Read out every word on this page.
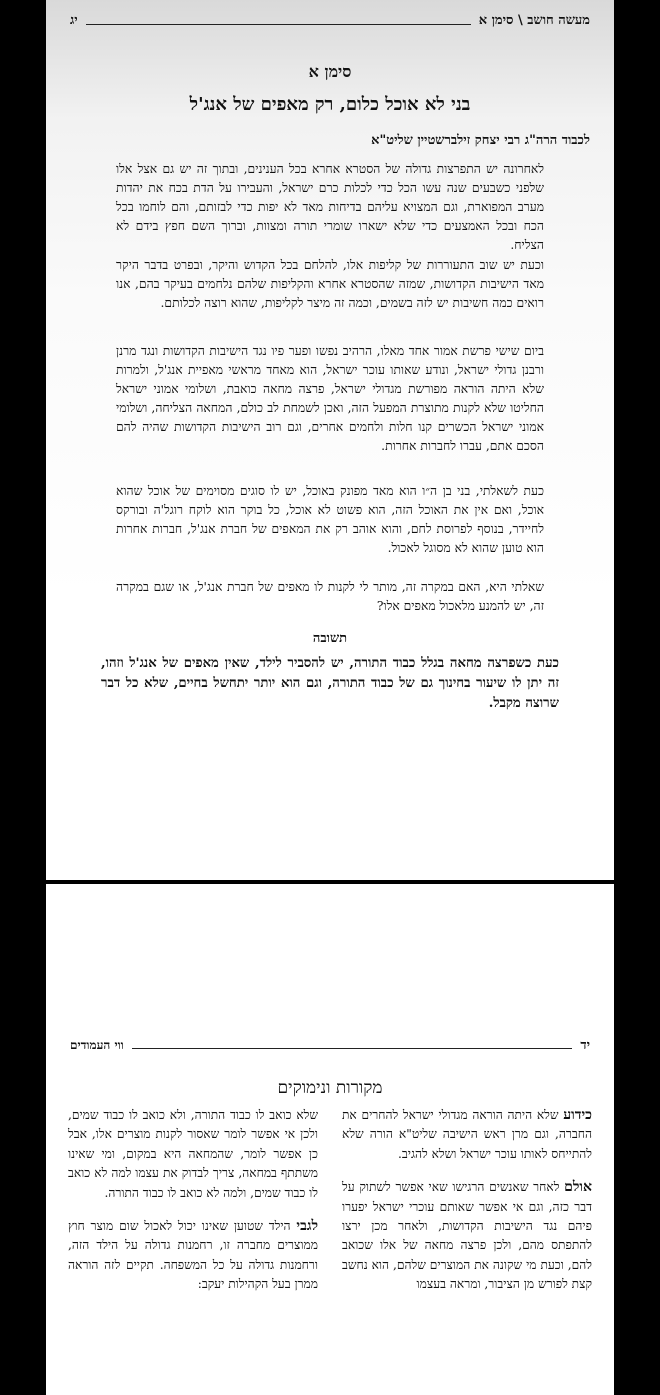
מעשה חושב \ סימן א
יג
סימן א
בני לא אוכל כלום, רק מאפים של אנג'ל
לכבוד הרה"ג רבי יצחק זילברשטיין שליט"א
לאחרונה יש התפרצות גדולה של הסטרא אחרא בכל הענינים, ובתוך זה יש גם אצל אלו שלפני כשבעים שנה עשו הכל כדי לכלות כרם ישראל, והעבירו על הדת בכח את יהדות מערב המפוארת, וגם המצויא עליהם בדיחות מאד לא יפות כדי לבזותם, והם לוחמו בכל הכח ובכל האמצעים כדי שלא ישארו שומרי תורה ומצוות, וברוך השם חפץ בידם לא הצליח.
וכעת יש שוב התעוררות של קליפות אלו, להלחם בכל הקדוש והיקר, ובפרט בדבר היקר מאד הישיבות הקדושות, שמזה שהסטרא אחרא והקליפות שלהם נלחמים בעיקר בהם, אנו רואים כמה חשיבות יש לזה בשמים, וכמה זה מיצר לקליפות, שהוא רוצה לכלותם.
ביום שישי פרשת אמור אחד מאלו, הרהיב נפשו ופער פיו נגד הישיבות הקדושות ונגד מרנן ורבנן גדולי ישראל, ונודע שאותו עוכר ישראל, הוא מאחד מראשי מאפיית אנג'ל, ולמרות שלא היתה הוראה מפורשת מגדולי ישראל, פרצה מחאה כואבת, ושלומי אמוני ישראל החליטו שלא לקנות מתוצרת המפעל הזה, ואכן לשמחת לב כולם, המחאה הצליחה, ושלומי אמוני ישראל הכשרים קנו חלות ולחמים אחרים, וגם רוב הישיבות הקדושות שהיה להם הסכם אתם, עברו לחברות אחרות.
כעת לשאלתי, בני בן ה״ו הוא מאד מפונק באוכל, יש לו סוגים מסוימים של אוכל שהוא אוכל, ואם אין את האוכל הזה, הוא פשוט לא אוכל, כל בוקר הוא לוקח רוגל'ה ובורקס לחיידר, בנוסף לפרוסת לחם, והוא אוהב רק את המאפים של חברת אנג'ל, חברות אחרות הוא טוען שהוא לא מסוגל לאכול.
שאלתי היא, האם במקרה זה, מותר לי לקנות לו מאפים של חברת אנג'ל, או שגם במקרה זה, יש להמנע מלאכול מאפים אלו?
תשובה
כעת כשפרצה מחאה בגלל כבוד התורה, יש להסביר לילד, שאין מאפים של אנג'ל וזהו, זה יתן לו שיעור בחינוך גם של כבוד התורה, וגם הוא יותר יתחשל בחיים, שלא כל דבר שרוצה מקבל.
יד
ווי העמודים
מקורות ונימוקים

כידוע שלא היתה הוראה מגדולי ישראל להחרים את החברה, וגם מרן ראש הישיבה שליט"א הורה שלא להתייחס לאותו עוכר ישראל ושלא להגיב.

אולם לאחר שאנשים הרגישו שאי אפשר לשתוק על דבר כזה, וגם אי אפשר שאותם עוכרי ישראל יפערו פיהם נגד הישיבות הקדושות, ולאחר מכן ירצו להתפתס מהם, ולכן פרצה מחאה של אלו שכואב להם, וכעת מי שקונה את המוצרים שלהם, הוא נחשב קצת לפורש מן הציבור, ומראה בעצמו

שלא כואב לו כבוד התורה, ולא כואב לו כבוד שמים, ולכן אי אפשר לומר שאסור לקנות מוצרים אלו, אבל כן אפשר לומר, שהמחאה היא במקום, ומי שאינו משתתף במחאה, צריך לבדוק את עצמו למה לא כואב לו כבוד שמים, ולמה לא כואב לו כבוד התורה.

לגבי הילד שטוען שאינו יכול לאכול שום מוצר חוץ ממוצרים מחברה זו, רחמנות גדולה על הילד הזה, ורחמנות גדולה על כל המשפחה. תקיים לזה הוראה ממרן בעל הקהילות יעקב:
